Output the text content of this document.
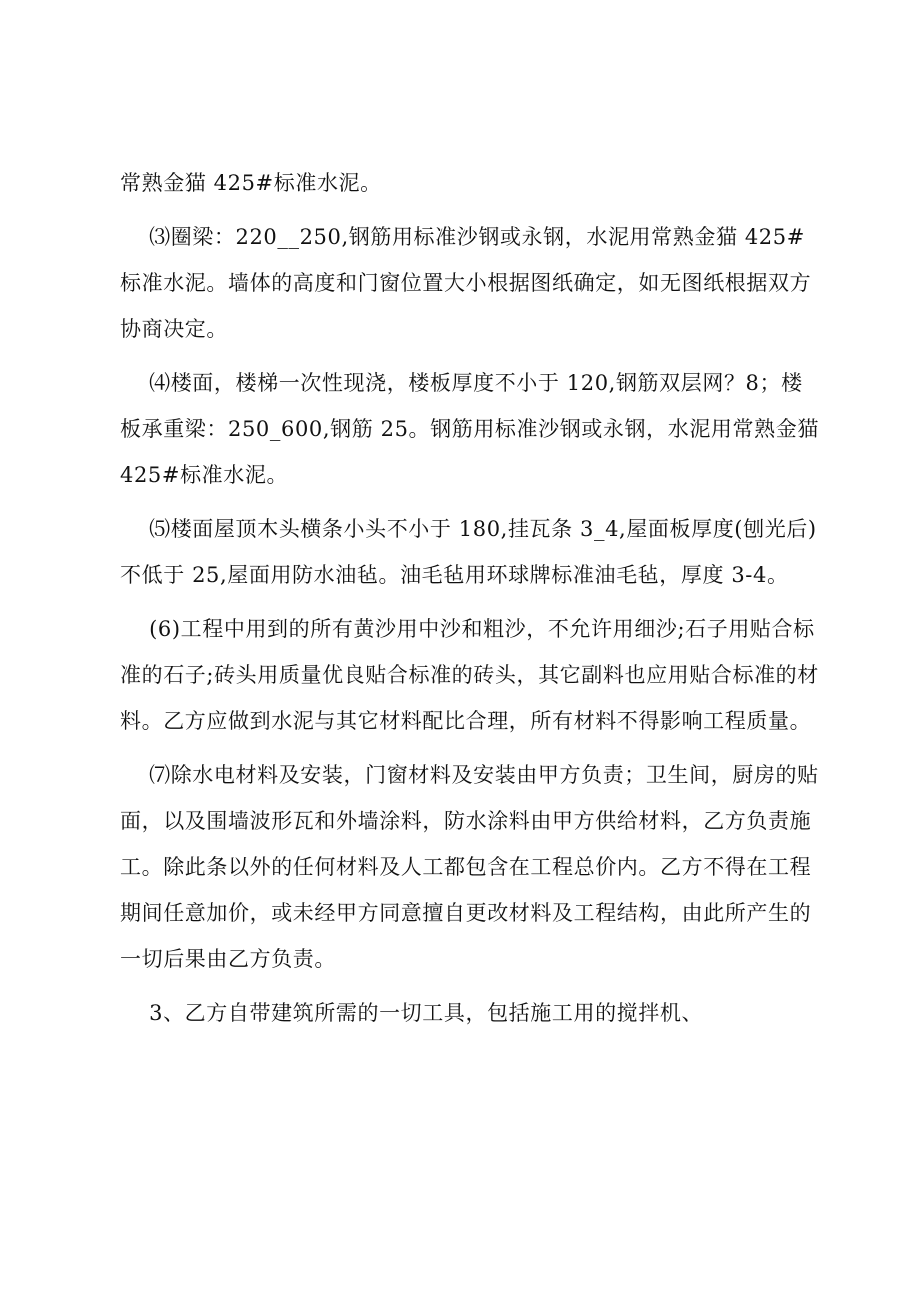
常熟金猫 425#标准水泥。

⑶圈梁：220__250,钢筋用标准沙钢或永钢，水泥用常熟金猫 425#标准水泥。墙体的高度和门窗位置大小根据图纸确定，如无图纸根据双方协商决定。

⑷楼面，楼梯一次性现浇，楼板厚度不小于 120,钢筋双层网？8；楼板承重梁：250_600,钢筋 25。钢筋用标准沙钢或永钢，水泥用常熟金猫 425#标准水泥。

⑸楼面屋顶木头横条小头不小于 180,挂瓦条 3_4,屋面板厚度(刨光后)不低于 25,屋面用防水油毡。油毛毡用环球牌标准油毛毡，厚度 3-4。

(6)工程中用到的所有黄沙用中沙和粗沙，不允许用细沙;石子用贴合标准的石子;砖头用质量优良贴合标准的砖头，其它副料也应用贴合标准的材料。乙方应做到水泥与其它材料配比合理，所有材料不得影响工程质量。

⑺除水电材料及安装，门窗材料及安装由甲方负责；卫生间，厨房的贴面，以及围墙波形瓦和外墙涂料，防水涂料由甲方供给材料，乙方负责施工。除此条以外的任何材料及人工都包含在工程总价内。乙方不得在工程期间任意加价，或未经甲方同意擅自更改材料及工程结构，由此所产生的一切后果由乙方负责。

3、乙方自带建筑所需的一切工具，包括施工用的搅拌机、
